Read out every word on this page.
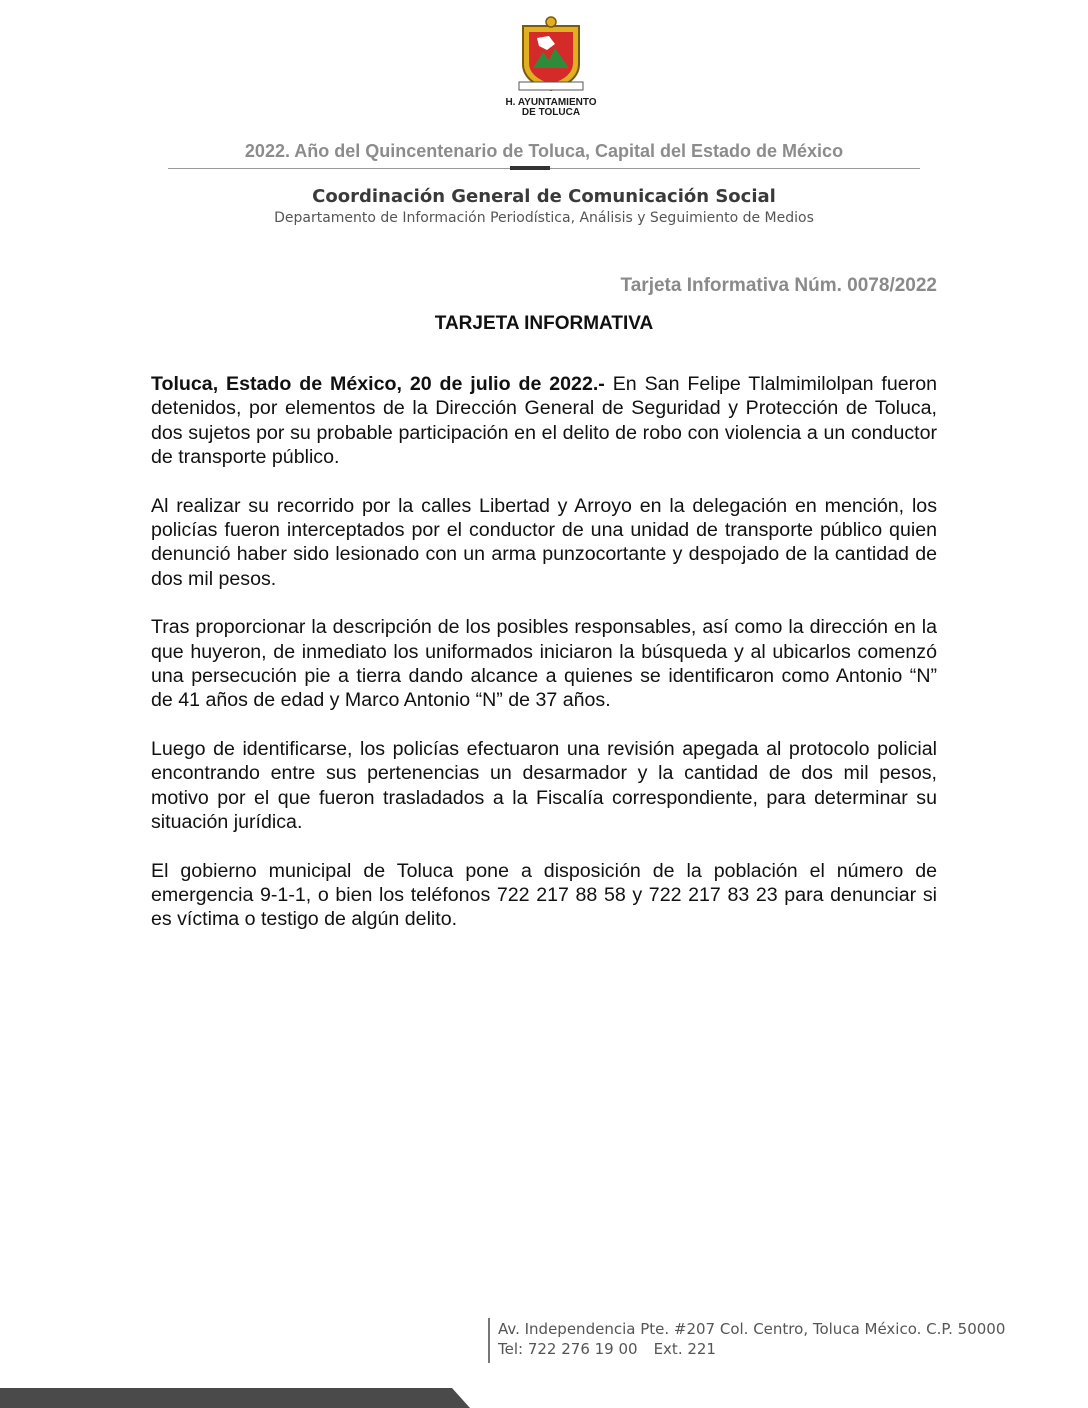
H. AYUNTAMIENTO
DE TOLUCA
2022. Año del Quincentenario de Toluca, Capital del Estado de México
Coordinación General de Comunicación Social
Departamento de Información Periodística, Análisis y Seguimiento de Medios
Tarjeta Informativa Núm. 0078/2022
TARJETA INFORMATIVA

Toluca, Estado de México, 20 de julio de 2022.- En San Felipe Tlalmimilolpan fueron detenidos, por elementos de la Dirección General de Seguridad y Protección de Toluca, dos sujetos por su probable participación en el delito de robo con violencia a un conductor de transporte público.

Al realizar su recorrido por la calles Libertad y Arroyo en la delegación en mención, los policías fueron interceptados por el conductor de una unidad de transporte público quien denunció haber sido lesionado con un arma punzocortante y despojado de la cantidad de dos mil pesos.

Tras proporcionar la descripción de los posibles responsables, así como la dirección en la que huyeron, de inmediato los uniformados iniciaron la búsqueda y al ubicarlos comenzó una persecución pie a tierra dando alcance a quienes se identificaron como Antonio “N” de 41 años de edad y Marco Antonio “N” de 37 años.

Luego de identificarse, los policías efectuaron una revisión apegada al protocolo policial encontrando entre sus pertenencias un desarmador y la cantidad de dos mil pesos, motivo por el que fueron trasladados a la Fiscalía correspondiente, para determinar su situación jurídica.

El gobierno municipal de Toluca pone a disposición de la población el número de emergencia 9-1-1, o bien los teléfonos 722 217 88 58 y 722 217 83 23 para denunciar si es víctima o testigo de algún delito.

Av. Independencia Pte. #207 Col. Centro, Toluca México. C.P. 50000
Tel: 722 276 19 00 Ext. 221
